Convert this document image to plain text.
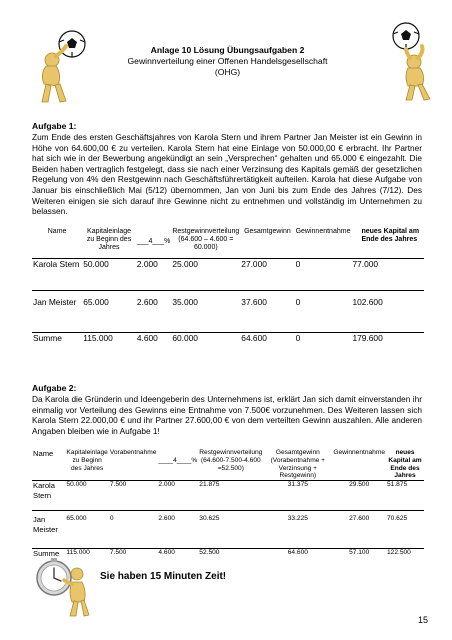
Anlage 10 Lösung Übungsaufgaben 2
Gewinnverteilung einer Offenen Handelsgesellschaft
(OHG)
Aufgabe 1:
Zum Ende des ersten Geschäftsjahres von Karola Stern und ihrem Partner Jan Meister ist ein Gewinn in Höhe von 64.600,00 € zu verteilen. Karola Stern hat eine Einlage von 50.000,00 € erbracht. Ihr Partner hat sich wie in der Bewerbung angekündigt an sein „Versprechen“ gehalten und 65.000 € eingezahlt. Die Beiden haben vertraglich festgelegt, dass sie nach einer Verzinsung des Kapitals gemäß der gesetzlichen Regelung von 4% den Restgewinn nach Geschäftsführertätigkeit aufteilen. Karola hat diese Aufgabe von Januar bis einschließlich Mai (5/12) übernommen, Jan von Juni bis zum Ende des Jahres (7/12). Des Weiteren einigen sie sich darauf ihre Gewinne nicht zu entnehmen und vollständig im Unternehmen zu belassen.
Name	Kapitaleinlage zu Beginn des Jahres	___4___%	Restgewinnverteilung (64.600 – 4.600 = 60.000)	Gesamtgewinn	Gewinnentnahme	neues Kapital am Ende des Jahres

Karola Stern	50.000	2.000	25.000	27.000	0	77.000
Jan Meister	65.000	2.600	35.000	37.600	0	102.600
Summe	115.000	4.600	60.000	64.600	0	179.600
Aufgabe 2:
Da Karola die Gründerin und Ideengeberin des Unternehmens ist, erklärt Jan sich damit einverstanden ihr einmalig vor Verteilung des Gewinns eine Entnahme von 7.500€ vorzunehmen. Des Weiteren lassen sich Karola Stern 22.000,00 € und ihr Partner 27.600,00 € von dem verteilten Gewinn auszahlen. Alle anderen Angaben bleiben wie in Aufgabe 1!
Name	Kapitaleinlage zu Beginn des Jahres	Vorabentnahme	____4____%	Restgewinnverteilung (64.600-7.500-4.600 =52.500)	Gesamtgewinn (Vorabentnahme + Verzinsung + Restgewinn)	Gewinnentnahme	neues Kapital am Ende des Jahres
Karola Stern	50.000	7.500	2.000	21.875	31.375	29.500	51.875
Jan Meister	65.000	0	2.600	30.625	33.225	27.600	70.625
Summe	115.000	7.500	4.600	52.500	64.600	57.100	122.500
Sie haben 15 Minuten Zeit!
15
